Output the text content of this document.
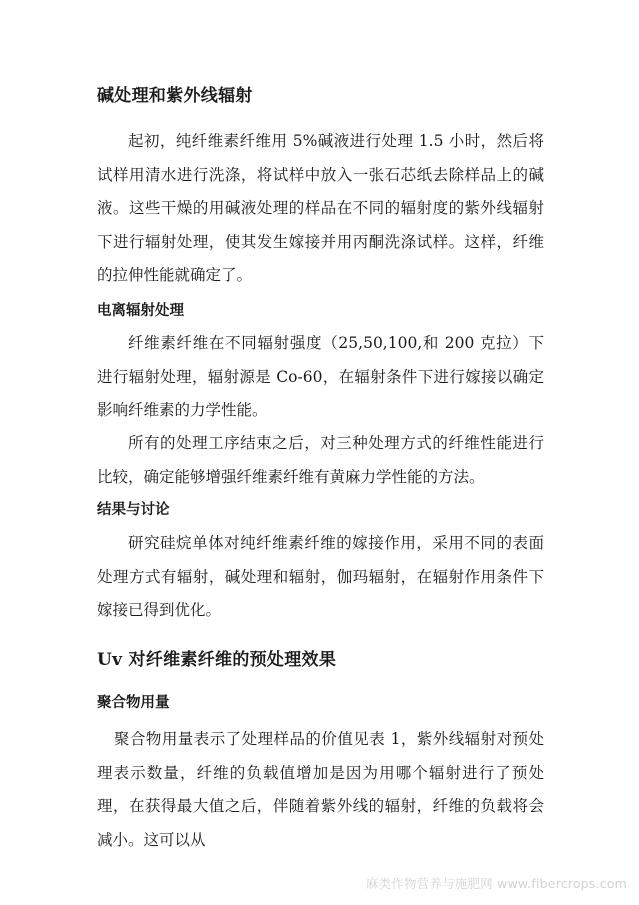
碱处理和紫外线辐射

起初，纯纤维素纤维用 5%碱液进行处理 1.5 小时，然后将试样用清水进行洗涤，将试样中放入一张石芯纸去除样品上的碱液。这些干燥的用碱液处理的样品在不同的辐射度的紫外线辐射下进行辐射处理，使其发生嫁接并用丙酮洗涤试样。这样，纤维的拉伸性能就确定了。

电离辐射处理

纤维素纤维在不同辐射强度（25,50,100,和 200 克拉）下进行辐射处理，辐射源是 Co-60，在辐射条件下进行嫁接以确定影响纤维素的力学性能。

所有的处理工序结束之后，对三种处理方式的纤维性能进行比较，确定能够增强纤维素纤维有黄麻力学性能的方法。

结果与讨论

研究硅烷单体对纯纤维素纤维的嫁接作用，采用不同的表面处理方式有辐射，碱处理和辐射，伽玛辐射，在辐射作用条件下嫁接已得到优化。

Uv 对纤维素纤维的预处理效果
聚合物用量

聚合物用量表示了处理样品的价值见表 1，紫外线辐射对预处理表示数量，纤维的负载值增加是因为用哪个辐射进行了预处理，在获得最大值之后，伴随着紫外线的辐射，纤维的负载将会减小。这可以从

麻类作物营养与施肥网 www.fibercrops.com
